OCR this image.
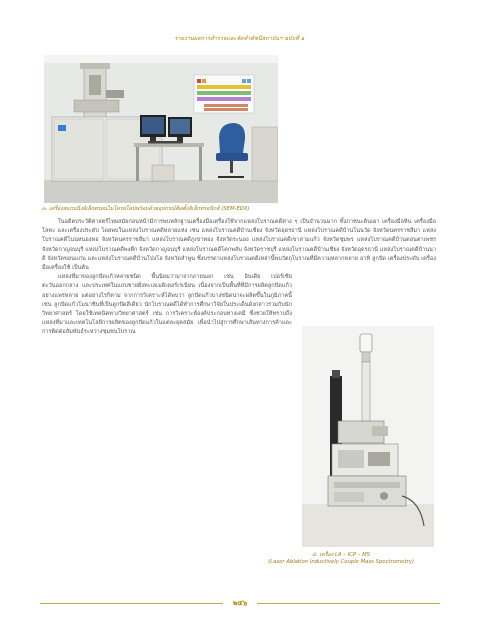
รายงานผลการสำรวจและจัดทำดัชนีสถาบันฯ ฉบับที่ ๑
๓. เครื่องสแกนนิ่งอิเล็กตรอนไมโครสโคปพร้อมด้วยอุปกรณ์ติดตั้งอิเล็กทรอนิกส์ (SEM-EDX)

ในอดีตประวัติศาสตร์ไทยสมัยก่อนหน้ามีการพบหลักฐานเครื่องมือเครื่องใช้จากแหล่งโบราณคดีต่าง ๆ เป็นจำนวนมาก ทั้งภาชนะดินเผา เครื่องมือหิน เครื่องมือโลหะ และเครื่องประดับ โดยพบในแหล่งโบราณคดีหลายแห่ง เช่น แหล่งโบราณคดีบ้านเชียง จังหวัดอุดรธานี แหล่งโบราณคดีบ้านโนนวัด จังหวัดนครราชสีมา แหล่งโบราณคดีโนนหนองหอ จังหวัดนครราชสีมา แหล่งโบราณคดีภูเขาทอง จังหวัดระนอง แหล่งโบราณคดีเขาสามแก้ว จังหวัดชุมพร แหล่งโบราณคดีบ้านดอนตาเพชร จังหวัดกาญจนบุรี แหล่งโบราณคดีพงตึก จังหวัดกาญจนบุรี แหล่งโบราณคดีโคกพลับ จังหวัดราชบุรี แหล่งโบราณคดีบ้านเชียง จังหวัดอุดรธานี แหล่งโบราณคดีบ้านนาดี จังหวัดขอนแก่น และแหล่งโบราณคดีบ้านโป่งโล จังหวัดลำพูน ซึ่งบรรดาแหล่งโบราณคดีเหล่านี้พบวัตถุโบราณที่มีความหลากหลาย อาทิ ลูกปัด เครื่องประดับ เครื่องมือเครื่องใช้ เป็นต้น

แหล่งที่มาของลูกปัดแก้วหลายชนิด พื้นนิยมว่ามาจากภายนอก เช่น อินเดีย เปอร์เซีย ตะวันออกกลาง และประเทศในแถบชายฝั่งทะเลเมดิเตอร์เรเนียน เนื่องจากเป็นพื้นที่ที่มีการผลิตลูกปัดแก้วอย่างแพร่หลาย แต่อย่างไรก็ตาม จากการวิเคราะห์ได้พบว่า ลูกปัดแก้วบางชนิดน่าจะผลิตขึ้นในภูมิภาคนี้ เช่น ลูกปัดแก้วโมนาชินที่เป็นลูกปัดสีเดียว นักโบราณคดีได้ทำการศึกษาวิจัยในประเด็นดังกล่าวร่วมกับนักวิทยาศาสตร์ โดยใช้เทคนิคทางวิทยาศาสตร์ เช่น การวิเคราะห์องค์ประกอบทางเคมี ซึ่งช่วยให้ทราบถึงแหล่งที่มาและเทคโนโลยีการผลิตของลูกปัดแก้วในแต่ละยุคสมัย เพื่อนำไปสู่การศึกษาเส้นทางการค้าและการติดต่อสัมพันธ์ระหว่างชุมชนโบราณ

๔. เครื่อง LA – ICP – MS
(Laser Ablation Inductively Couple Mass Spectrometry)
๒๕๖
